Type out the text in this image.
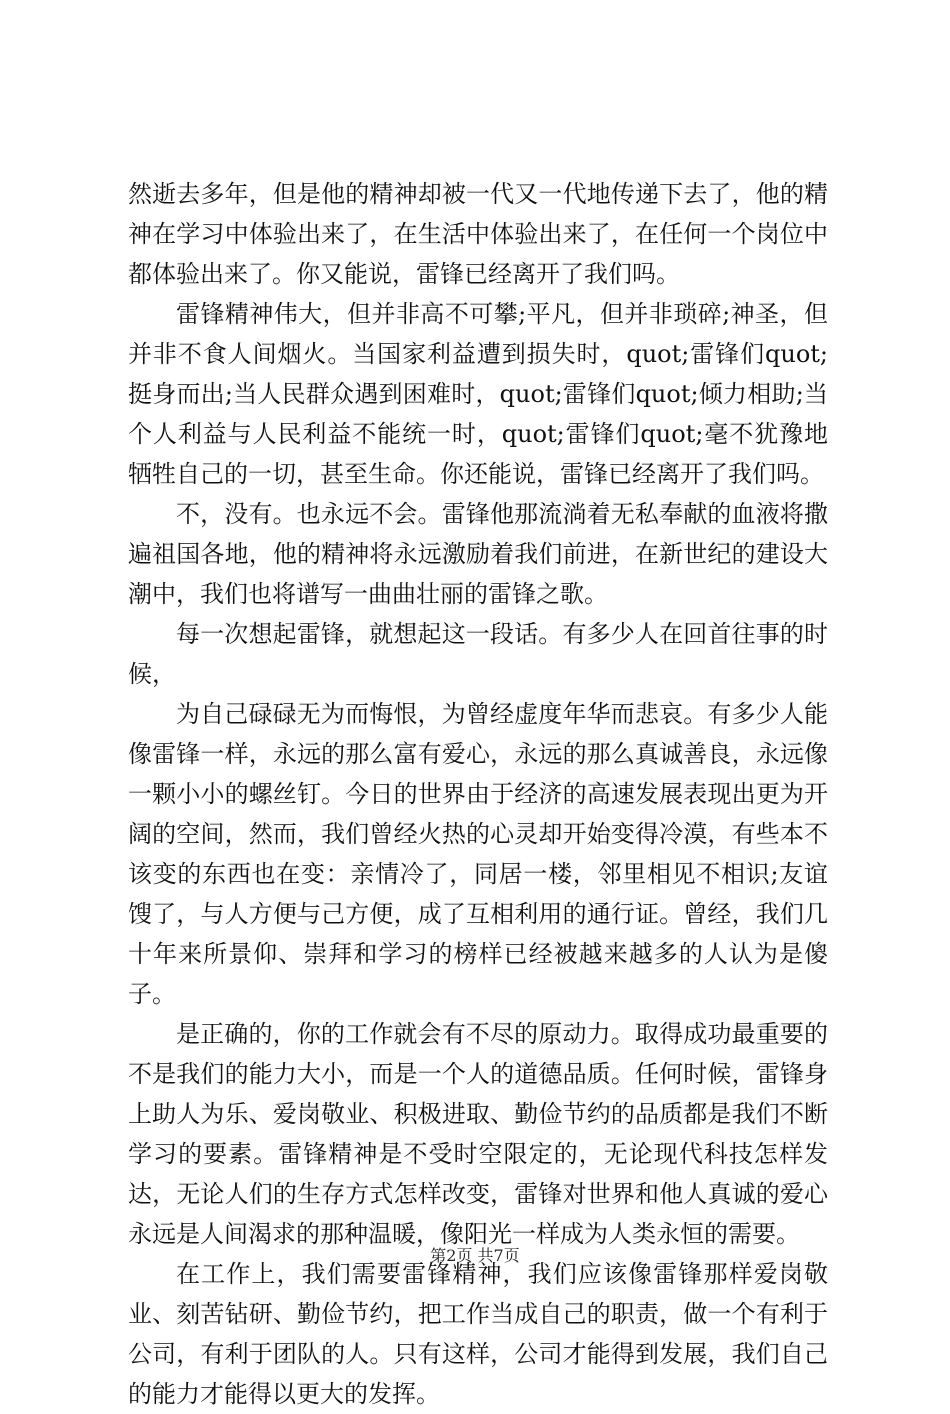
然逝去多年，但是他的精神却被一代又一代地传递下去了，他的精神在学习中体验出来了，在生活中体验出来了，在任何一个岗位中都体验出来了。你又能说，雷锋已经离开了我们吗。

雷锋精神伟大，但并非高不可攀;平凡，但并非琐碎;神圣，但并非不食人间烟火。当国家利益遭到损失时，quot;雷锋们quot;挺身而出;当人民群众遇到困难时，quot;雷锋们quot;倾力相助;当个人利益与人民利益不能统一时，quot;雷锋们quot;毫不犹豫地牺牲自己的一切，甚至生命。你还能说，雷锋已经离开了我们吗。

不，没有。也永远不会。雷锋他那流淌着无私奉献的血液将撒遍祖国各地，他的精神将永远激励着我们前进，在新世纪的建设大潮中，我们也将谱写一曲曲壮丽的雷锋之歌。

每一次想起雷锋，就想起这一段话。有多少人在回首往事的时候，

为自己碌碌无为而悔恨，为曾经虚度年华而悲哀。有多少人能像雷锋一样，永远的那么富有爱心，永远的那么真诚善良，永远像一颗小小的螺丝钉。今日的世界由于经济的高速发展表现出更为开阔的空间，然而，我们曾经火热的心灵却开始变得冷漠，有些本不该变的东西也在变：亲情冷了，同居一楼，邻里相见不相识;友谊馊了，与人方便与己方便，成了互相利用的通行证。曾经，我们几十年来所景仰、崇拜和学习的榜样已经被越来越多的人认为是傻子。

是正确的，你的工作就会有不尽的原动力。取得成功最重要的不是我们的能力大小，而是一个人的道德品质。任何时候，雷锋身上助人为乐、爱岗敬业、积极进取、勤俭节约的品质都是我们不断学习的要素。雷锋精神是不受时空限定的，无论现代科技怎样发达，无论人们的生存方式怎样改变，雷锋对世界和他人真诚的爱心永远是人间渴求的那种温暖，像阳光一样成为人类永恒的需要。

在工作上，我们需要雷锋精神，我们应该像雷锋那样爱岗敬业、刻苦钻研、勤俭节约，把工作当成自己的职责，做一个有利于公司，有利于团队的人。只有这样，公司才能得到发展，我们自己的能力才能得以更大的发挥。

第2页 共7页
